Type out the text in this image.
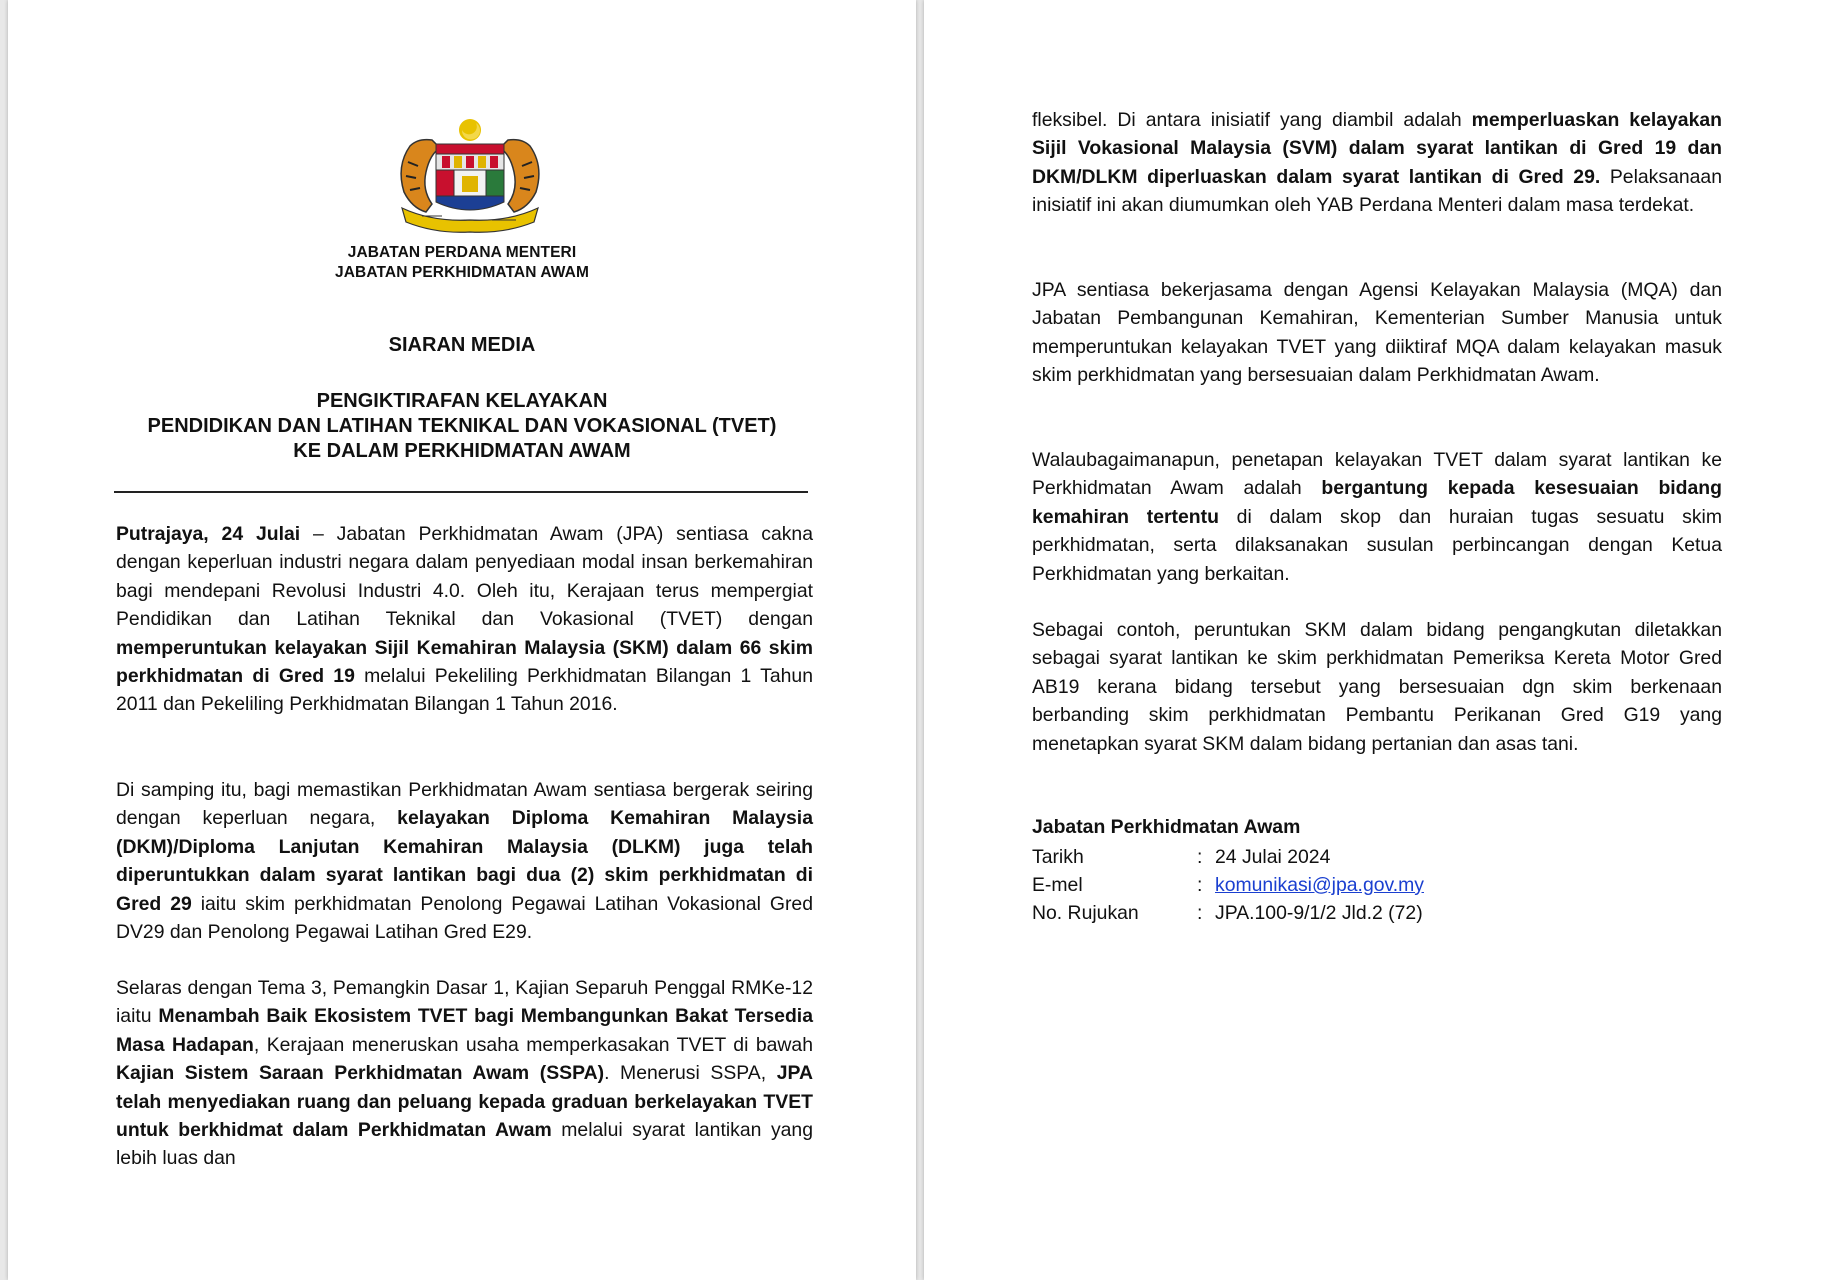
JABATAN PERDANA MENTERI
JABATAN PERKHIDMATAN AWAM
SIARAN MEDIA
PENGIKTIRAFAN KELAYAKAN
PENDIDIKAN DAN LATIHAN TEKNIKAL DAN VOKASIONAL (TVET)
KE DALAM PERKHIDMATAN AWAM

Putrajaya, 24 Julai – Jabatan Perkhidmatan Awam (JPA) sentiasa cakna dengan keperluan industri negara dalam penyediaan modal insan berkemahiran bagi mendepani Revolusi Industri 4.0. Oleh itu, Kerajaan terus mempergiat Pendidikan dan Latihan Teknikal dan Vokasional (TVET) dengan memperuntukan kelayakan Sijil Kemahiran Malaysia (SKM) dalam 66 skim perkhidmatan di Gred 19 melalui Pekeliling Perkhidmatan Bilangan 1 Tahun 2011 dan Pekeliling Perkhidmatan Bilangan 1 Tahun 2016.

Di samping itu, bagi memastikan Perkhidmatan Awam sentiasa bergerak seiring dengan keperluan negara, kelayakan Diploma Kemahiran Malaysia (DKM)/Diploma Lanjutan Kemahiran Malaysia (DLKM) juga telah diperuntukkan dalam syarat lantikan bagi dua (2) skim perkhidmatan di Gred 29 iaitu skim perkhidmatan Penolong Pegawai Latihan Vokasional Gred DV29 dan Penolong Pegawai Latihan Gred E29.

Selaras dengan Tema 3, Pemangkin Dasar 1, Kajian Separuh Penggal RMKe-12 iaitu Menambah Baik Ekosistem TVET bagi Membangunkan Bakat Tersedia Masa Hadapan, Kerajaan meneruskan usaha memperkasakan TVET di bawah Kajian Sistem Saraan Perkhidmatan Awam (SSPA). Menerusi SSPA, JPA telah menyediakan ruang dan peluang kepada graduan berkelayakan TVET untuk berkhidmat dalam Perkhidmatan Awam melalui syarat lantikan yang lebih luas dan

fleksibel. Di antara inisiatif yang diambil adalah memperluaskan kelayakan Sijil Vokasional Malaysia (SVM) dalam syarat lantikan di Gred 19 dan DKM/DLKM diperluaskan dalam syarat lantikan di Gred 29. Pelaksanaan inisiatif ini akan diumumkan oleh YAB Perdana Menteri dalam masa terdekat.

JPA sentiasa bekerjasama dengan Agensi Kelayakan Malaysia (MQA) dan Jabatan Pembangunan Kemahiran, Kementerian Sumber Manusia untuk memperuntukan kelayakan TVET yang diiktiraf MQA dalam kelayakan masuk skim perkhidmatan yang bersesuaian dalam Perkhidmatan Awam.

Walaubagaimanapun, penetapan kelayakan TVET dalam syarat lantikan ke Perkhidmatan Awam adalah bergantung kepada kesesuaian bidang kemahiran tertentu di dalam skop dan huraian tugas sesuatu skim perkhidmatan, serta dilaksanakan susulan perbincangan dengan Ketua Perkhidmatan yang berkaitan.

Sebagai contoh, peruntukan SKM dalam bidang pengangkutan diletakkan sebagai syarat lantikan ke skim perkhidmatan Pemeriksa Kereta Motor Gred AB19 kerana bidang tersebut yang bersesuaian dgn skim berkenaan berbanding skim perkhidmatan Pembantu Perikanan Gred G19 yang menetapkan syarat SKM dalam bidang pertanian dan asas tani.

Jabatan Perkhidmatan Awam
Tarikh	: 24 Julai 2024
E-mel	: komunikasi@jpa.gov.my
No. Rujukan	: JPA.100-9/1/2 Jld.2 (72)
